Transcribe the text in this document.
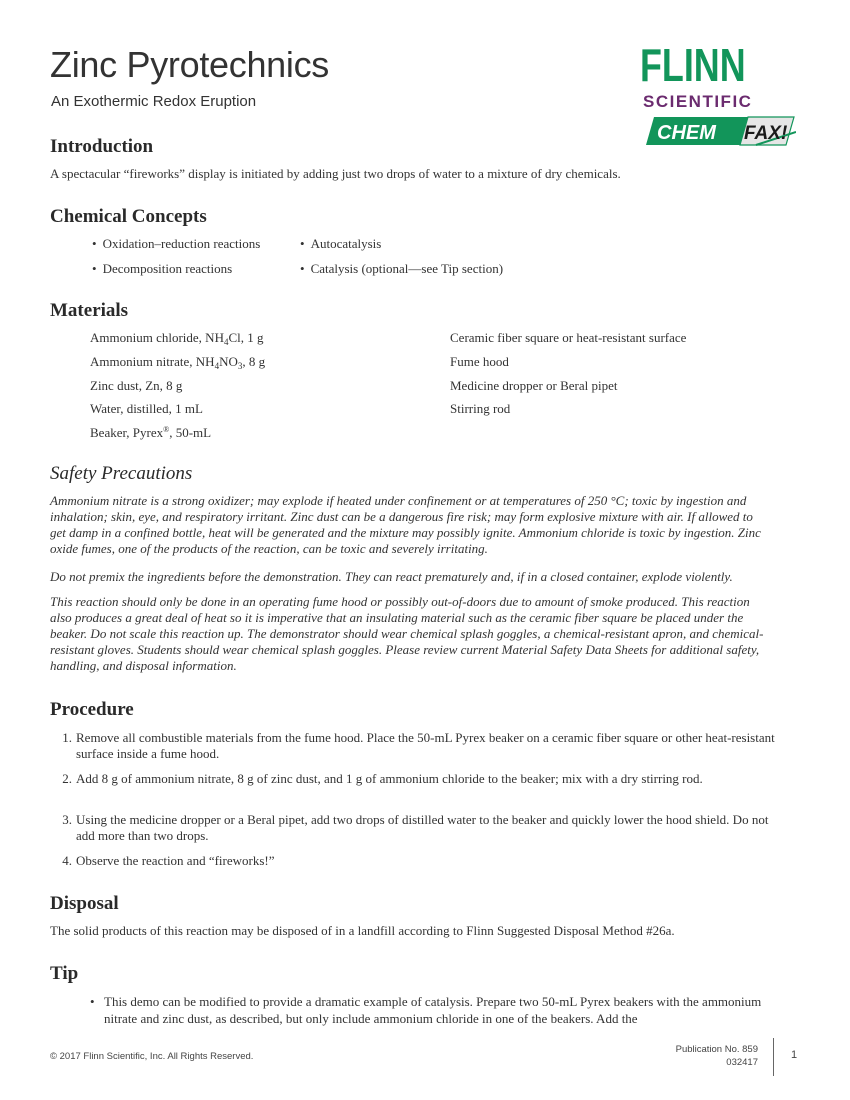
Zinc Pyrotechnics
An Exothermic Redox Eruption
FLINN
SCIENTIFIC
CHEM FAX!
Introduction
A spectacular “fireworks” display is initiated by adding just two drops of water to a mixture of dry chemicals.
Chemical Concepts
• Oxidation–reduction reactions	• Autocatalysis
• Decomposition reactions	• Catalysis (optional—see Tip section)
Materials
Ammonium chloride, $NH_4Cl$, 1 g
Ammonium nitrate, $NH_4NO_3$, 8 g
Zinc dust, Zn, 8 g
Water, distilled, 1 mL
Beaker, Pyrex®, 50-mL
Ceramic fiber square or heat-resistant surface
Fume hood
Medicine dropper or Beral pipet
Stirring rod
Safety Precautions
Ammonium nitrate is a strong oxidizer; may explode if heated under confinement or at temperatures of 250 °C; toxic by ingestion and inhalation; skin, eye, and respiratory irritant. Zinc dust can be a dangerous fire risk; may form explosive mixture with air. If allowed to get damp in a confined bottle, heat will be generated and the mixture may possibly ignite. Ammonium chloride is toxic by ingestion. Zinc oxide fumes, one of the products of the reaction, can be toxic and severely irritating.
Do not premix the ingredients before the demonstration. They can react prematurely and, if in a closed container, explode violently.
This reaction should only be done in an operating fume hood or possibly out-of-doors due to amount of smoke produced. This reaction also produces a great deal of heat so it is imperative that an insulating material such as the ceramic fiber square be placed under the beaker. Do not scale this reaction up. The demonstrator should wear chemical splash goggles, a chemical-resistant apron, and chemical-resistant gloves. Students should wear chemical splash goggles. Please review current Material Safety Data Sheets for additional safety, handling, and disposal information.
Procedure
1. Remove all combustible materials from the fume hood. Place the 50-mL Pyrex beaker on a ceramic fiber square or other heat-resistant surface inside a fume hood.
2. Add 8 g of ammonium nitrate, 8 g of zinc dust, and 1 g of ammonium chloride to the beaker; mix with a dry stirring rod.
3. Using the medicine dropper or a Beral pipet, add two drops of distilled water to the beaker and quickly lower the hood shield. Do not add more than two drops.
4. Observe the reaction and “fireworks!”
Disposal
The solid products of this reaction may be disposed of in a landfill according to Flinn Suggested Disposal Method #26a.
Tip
• This demo can be modified to provide a dramatic example of catalysis. Prepare two 50-mL Pyrex beakers with the ammonium nitrate and zinc dust, as described, but only include ammonium chloride in one of the beakers. Add the
© 2017 Flinn Scientific, Inc. All Rights Reserved.
Publication No. 859
032417
1
